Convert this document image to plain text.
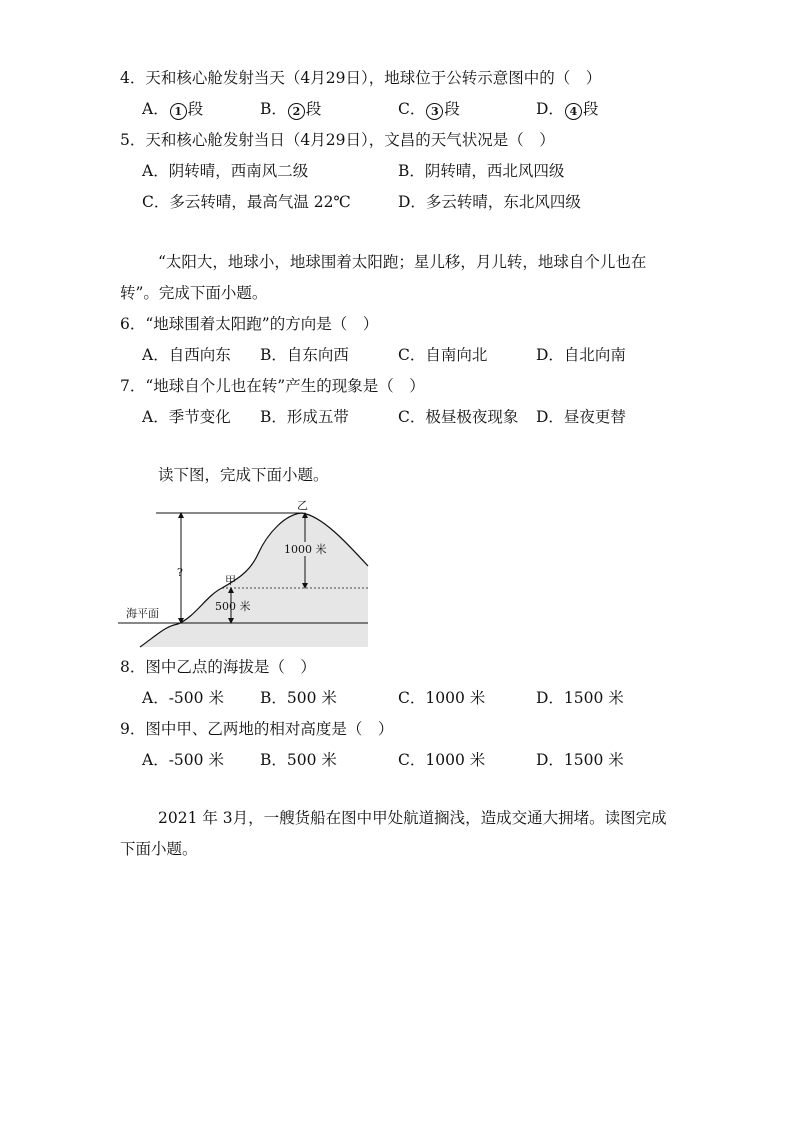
4．天和核心舱发射当天（4月29日），地球位于公转示意图中的（　）
A． 1 段	B． 2 段	C． 3 段	D． 4 段
5．天和核心舱发射当日（4月29日），文昌的天气状况是（　）
A．阴转晴，西南风二级	B．阴转晴，西北风四级
C．多云转晴，最高气温 22℃	D．多云转晴，东北风四级
“太阳大，地球小，地球围着太阳跑；星儿移，月儿转，地球自个儿也在转”。完成下面小题。
6．“地球围着太阳跑”的方向是（　）
A．自西向东 B．自东向西	C．自南向北	D．自北向南
7．“地球自个儿也在转”产生的现象是（　）
A．季节变化 B．形成五带	C．极昼极夜现象 D．昼夜更替
读下图，完成下面小题。
1000 米
500 米
?
乙
甲
海平面
8．图中乙点的海拔是（　）
A．-500 米 B．500 米	C．1000 米	D．1500 米
9．图中甲、乙两地的相对高度是（　）
A．-500 米 B．500 米	C．1000 米	D．1500 米
2021 年 3月，一艘货船在图中甲处航道搁浅，造成交通大拥堵。读图完成下面小题。
